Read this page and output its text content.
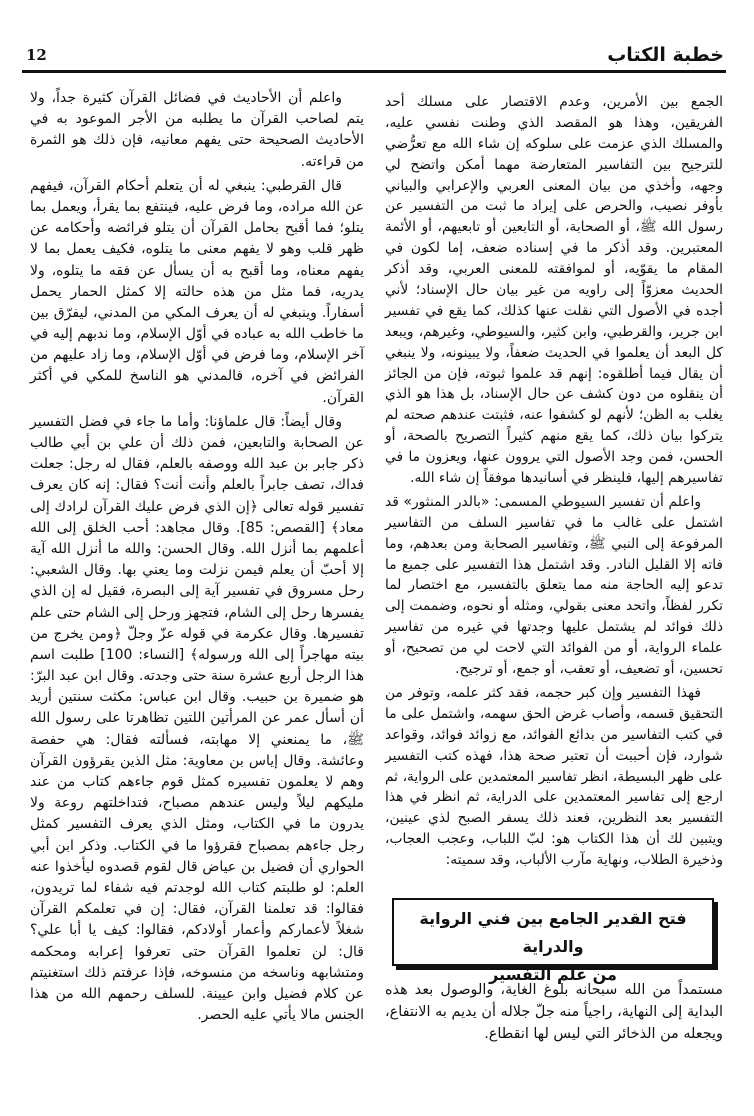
خطبة الكتاب
12

الجمع بين الأمرين، وعدم الاقتصار على مسلك أحد الفريقين، وهذا هو المقصد الذي وطنت نفسي عليه، والمسلك الذي عزمت على سلوكه إن شاء الله مع تعرُّضي للترجيح بين التفاسير المتعارضة مهما أمكن واتضح لي وجهه، وأخذي من بيان المعنى العربي والإعرابي والبياني بأوفر نصيب، والحرص على إيراد ما ثبت من التفسير عن رسول الله ﷺ، أو الصحابة، أو التابعين أو تابعيهم، أو الأئمة المعتبرين. وقد أذكر ما في إسناده ضعف، إما لكون في المقام ما يقوّيه، أو لموافقته للمعنى العربي، وقد أذكر الحديث معزوّاً إلى راويه من غير بيان حال الإسناد؛ لأني أجده في الأصول التي نقلت عنها كذلك، كما يقع في تفسير ابن جرير، والقرطبي، وابن كثير، والسيوطي، وغيرهم، ويبعد كل البعد أن يعلموا في الحديث ضعفاً، ولا يبينونه، ولا ينبغي أن يقال فيما أطلقوه: إنهم قد علموا ثبوته، فإن من الجائز أن ينقلوه من دون كشف عن حال الإسناد، بل هذا هو الذي يغلب به الظن؛ لأنهم لو كشفوا عنه، فثبتت عندهم صحته لم يتركوا بيان ذلك، كما يقع منهم كثيراً التصريح بالصحة، أو الحسن، فمن وجد الأصول التي يروون عنها، ويعزون ما في تفاسيرهم إليها، فلينظر في أسانيدها موفقاً إن شاء الله.

واعلم أن تفسير السيوطي المسمى: «بالدر المنثور» قد اشتمل على غالب ما في تفاسير السلف من التفاسير المرفوعة إلى النبي ﷺ، وتفاسير الصحابة ومن بعدهم، وما فاته إلا القليل النادر. وقد اشتمل هذا التفسير على جميع ما تدعو إليه الحاجة منه مما يتعلق بالتفسير، مع اختصار لما تكرر لفظاً، واتحد معنى بقولي، ومثله أو نحوه، وضممت إلى ذلك فوائد لم يشتمل عليها وجدتها في غيره من تفاسير علماء الرواية، أو من الفوائد التي لاحت لي من تصحيح، أو تحسين، أو تضعيف، أو تعقب، أو جمع، أو ترجيح.

فهذا التفسير وإن كبر حجمه، فقد كثر علمه، وتوفر من التحقيق قسمه، وأصاب غرض الحق سهمه، واشتمل على ما في كتب التفاسير من بدائع الفوائد، مع زوائد فوائد، وقواعد شوارد، فإن أحببت أن تعتبر صحة هذا، فهذه كتب التفسير على ظهر البسيطة، انظر تفاسير المعتمدين على الرواية، ثم ارجع إلى تفاسير المعتمدين على الدراية، ثم انظر في هذا التفسير بعد النظرين، فعند ذلك يسفر الصبح لذي عينين، ويتبين لك أن هذا الكتاب هو: لبّ اللباب، وعجب العجاب، وذخيرة الطلاب، ونهاية مآرب الألباب، وقد سميته:

فتح القدير الجامع بين فني الرواية والدراية
من علم التفسير

مستمداً من الله سبحانه بلوغ الغاية، والوصول بعد هذه البداية إلى النهاية، راجياً منه جلّ جلاله أن يديم به الانتفاع، ويجعله من الذخائر التي ليس لها انقطاع.

واعلم أن الأحاديث في فضائل القرآن كثيرة جداً، ولا يتم لصاحب القرآن ما يطلبه من الأجر الموعود به في الأحاديث الصحيحة حتى يفهم معانيه، فإن ذلك هو الثمرة من قراءته.

قال القرطبي: ينبغي له أن يتعلم أحكام القرآن، فيفهم عن الله مراده، وما فرض عليه، فينتفع بما يقرأ، ويعمل بما يتلو؛ فما أقبح بحامل القرآن أن يتلو فرائضه وأحكامه عن ظهر قلب وهو لا يفهم معنى ما يتلوه، فكيف يعمل بما لا يفهم معناه، وما أقبح به أن يسأل عن فقه ما يتلوه، ولا يدريه، فما مثل من هذه حالته إلا كمثل الحمار يحمل أسفاراً. وينبغي له أن يعرف المكي من المدني، ليفرّق بين ما خاطب الله به عباده في أوّل الإسلام، وما ندبهم إليه في آخر الإسلام، وما فرض في أوّل الإسلام، وما زاد عليهم من الفرائض في آخره، فالمدني هو الناسخ للمكي في أكثر القرآن.

وقال أيضاً: قال علماؤنا: وأما ما جاء في فضل التفسير عن الصحابة والتابعين، فمن ذلك أن علي بن أبي طالب ذكر جابر بن عبد الله ووصفه بالعلم، فقال له رجل: جعلت فداك، تصف جابراً بالعلم وأنت أنت؟ فقال: إنه كان يعرف تفسير قوله تعالى ﴿إن الذي فرض عليك القرآن لرادك إلى معاد﴾ [القصص: 85]. وقال مجاهد: أحب الخلق إلى الله أعلمهم بما أنزل الله. وقال الحسن: والله ما أنزل الله آية إلا أحبّ أن يعلم فيمن نزلت وما يعني بها. وقال الشعبي: رحل مسروق في تفسير آية إلى البصرة، فقيل له إن الذي يفسرها رحل إلى الشام، فتجهز ورحل إلى الشام حتى علم تفسيرها. وقال عكرمة في قوله عزّ وجلّ ﴿ومن يخرج من بيته مهاجراً إلى الله ورسوله﴾ [النساء: 100] طلبت اسم هذا الرجل أربع عشرة سنة حتى وجدته. وقال ابن عبد البرّ: هو ضميرة بن حبيب. وقال ابن عباس: مكثت سنتين أريد أن أسأل عمر عن المرأتين اللتين تظاهرتا على رسول الله ﷺ، ما يمنعني إلا مهابته، فسألته فقال: هي حفصة وعائشة. وقال إياس بن معاوية: مثل الذين يقرؤون القرآن وهم لا يعلمون تفسيره كمثل قوم جاءهم كتاب من عند مليكهم ليلاً وليس عندهم مصباح، فتداخلتهم روعة ولا يدرون ما في الكتاب، ومثل الذي يعرف التفسير كمثل رجل جاءهم بمصباح فقرؤوا ما في الكتاب. وذكر ابن أبي الحواري أن فضيل بن عياض قال لقوم قصدوه ليأخذوا عنه العلم: لو طلبتم كتاب الله لوجدتم فيه شفاء لما تريدون، فقالوا: قد تعلمنا القرآن، فقال: إن في تعلمكم القرآن شغلاً لأعماركم وأعمار أولادكم، فقالوا: كيف يا أبا علي؟ قال: لن تعلموا القرآن حتى تعرفوا إعرابه ومحكمه ومتشابهه وناسخه من منسوخه، فإذا عرفتم ذلك استغنيتم عن كلام فضيل وابن عيينة. للسلف رحمهم الله من هذا الجنس مالا يأتي عليه الحصر.
